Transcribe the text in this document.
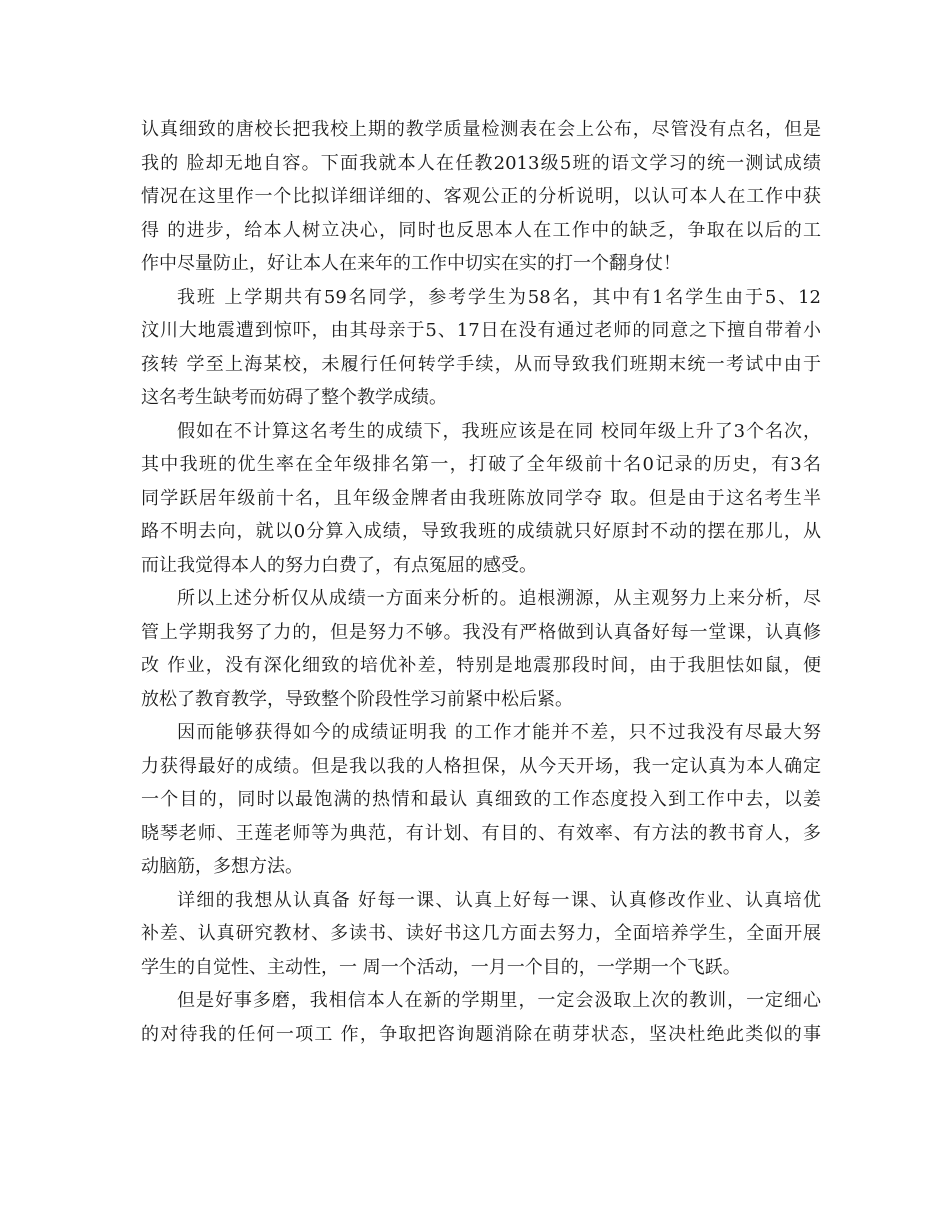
认真细致的唐校长把我校上期的教学质量检测表在会上公布，尽管没有点名，但是
我的 脸却无地自容。下面我就本人在任教2013级5班的语文学习的统一测试成绩
情况在这里作一个比拟详细详细的、客观公正的分析说明，以认可本人在工作中获
得 的进步，给本人树立决心，同时也反思本人在工作中的缺乏，争取在以后的工
作中尽量防止，好让本人在来年的工作中切实在实的打一个翻身仗！
我班 上学期共有59名同学，参考学生为58名，其中有1名学生由于5、12
汶川大地震遭到惊吓，由其母亲于5、17日在没有通过老师的同意之下擅自带着小
孩转 学至上海某校，未履行任何转学手续，从而导致我们班期末统一考试中由于
这名考生缺考而妨碍了整个教学成绩。
假如在不计算这名考生的成绩下，我班应该是在同 校同年级上升了3个名次，
其中我班的优生率在全年级排名第一，打破了全年级前十名0记录的历史，有3名
同学跃居年级前十名，且年级金牌者由我班陈放同学夺 取。但是由于这名考生半
路不明去向，就以0分算入成绩，导致我班的成绩就只好原封不动的摆在那儿，从
而让我觉得本人的努力白费了，有点冤屈的感受。
所以上述分析仅从成绩一方面来分析的。追根溯源，从主观努力上来分析，尽
管上学期我努了力的，但是努力不够。我没有严格做到认真备好每一堂课，认真修
改 作业，没有深化细致的培优补差，特别是地震那段时间，由于我胆怯如鼠，便
放松了教育教学，导致整个阶段性学习前紧中松后紧。
因而能够获得如今的成绩证明我 的工作才能并不差，只不过我没有尽最大努
力获得最好的成绩。但是我以我的人格担保，从今天开场，我一定认真为本人确定
一个目的，同时以最饱满的热情和最认 真细致的工作态度投入到工作中去，以姜
晓琴老师、王莲老师等为典范，有计划、有目的、有效率、有方法的教书育人，多
动脑筋，多想方法。
详细的我想从认真备 好每一课、认真上好每一课、认真修改作业、认真培优
补差、认真研究教材、多读书、读好书这几方面去努力，全面培养学生，全面开展
学生的自觉性、主动性，一 周一个活动，一月一个目的，一学期一个飞跃。
但是好事多磨，我相信本人在新的学期里，一定会汲取上次的教训，一定细心
的对待我的任何一项工 作，争取把咨询题消除在萌芽状态，坚决杜绝此类似的事
